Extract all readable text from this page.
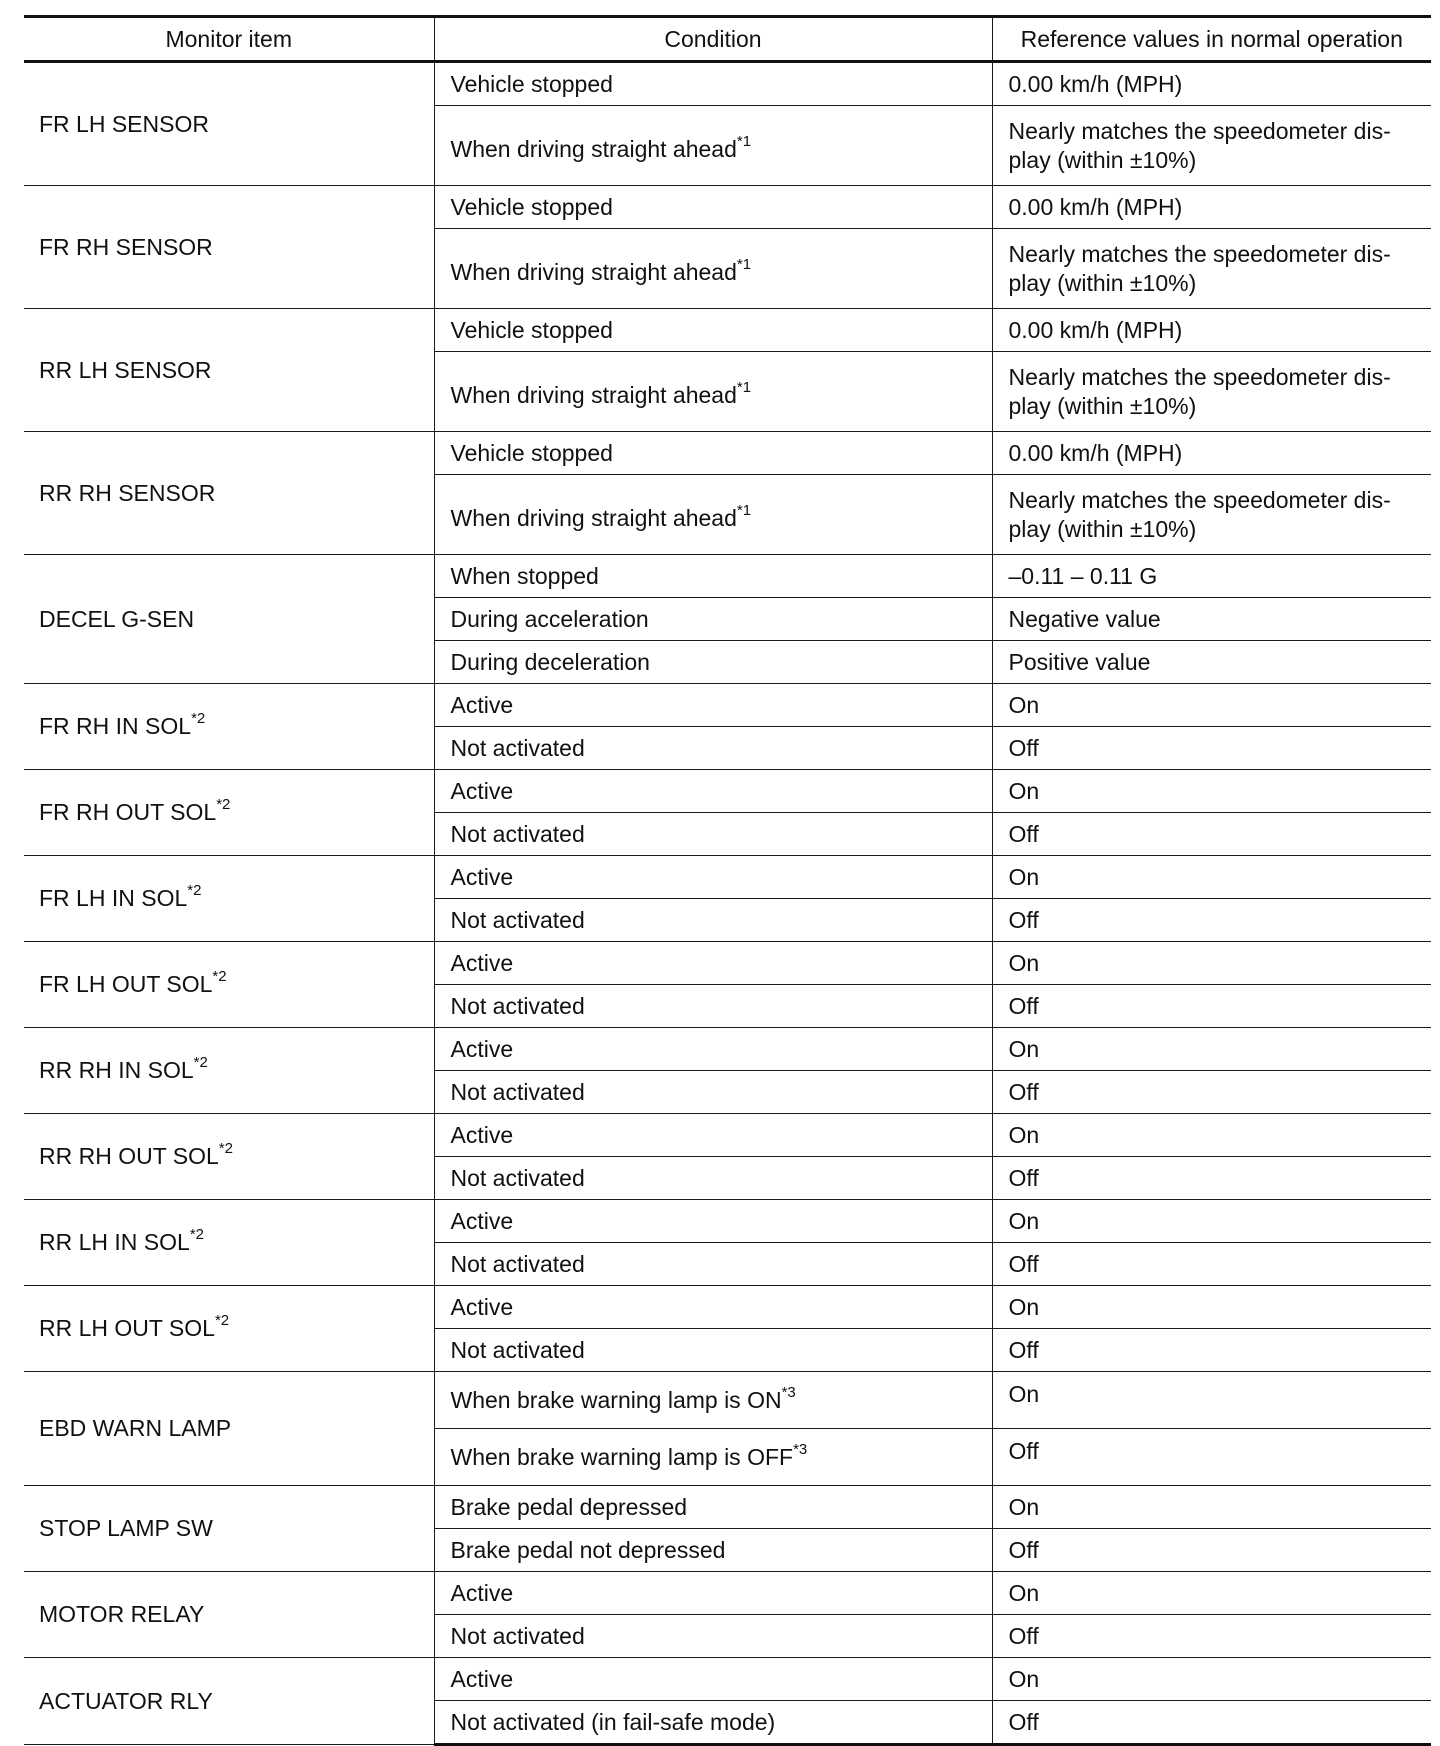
Monitor item	Condition	Reference values in normal operation
FR LH SENSOR	Vehicle stopped	0.00 km/h (MPH)
	When driving straight ahead$^{*1}$	Nearly matches the speedometer dis-play (within ±10%)
FR RH SENSOR	Vehicle stopped	0.00 km/h (MPH)
	When driving straight ahead$^{*1}$	Nearly matches the speedometer dis-play (within ±10%)
RR LH SENSOR	Vehicle stopped	0.00 km/h (MPH)
	When driving straight ahead$^{*1}$	Nearly matches the speedometer dis-play (within ±10%)
RR RH SENSOR	Vehicle stopped	0.00 km/h (MPH)
	When driving straight ahead$^{*1}$	Nearly matches the speedometer dis-play (within ±10%)
DECEL G-SEN	When stopped	–0.11 – 0.11 G
	During acceleration	Negative value
	During deceleration	Positive value
FR RH IN SOL$^{*2}$	Active	On
	Not activated	Off
FR RH OUT SOL$^{*2}$	Active	On
	Not activated	Off
FR LH IN SOL$^{*2}$	Active	On
	Not activated	Off
FR LH OUT SOL$^{*2}$	Active	On
	Not activated	Off
RR RH IN SOL$^{*2}$	Active	On
	Not activated	Off
RR RH OUT SOL$^{*2}$	Active	On
	Not activated	Off
RR LH IN SOL$^{*2}$	Active	On
	Not activated	Off
RR LH OUT SOL$^{*2}$	Active	On
	Not activated	Off
EBD WARN LAMP	When brake warning lamp is ON$^{*3}$	On
	When brake warning lamp is OFF$^{*3}$	Off
STOP LAMP SW	Brake pedal depressed	On
	Brake pedal not depressed	Off
MOTOR RELAY	Active	On
	Not activated	Off
ACTUATOR RLY	Active	On
	Not activated (in fail-safe mode)	Off
